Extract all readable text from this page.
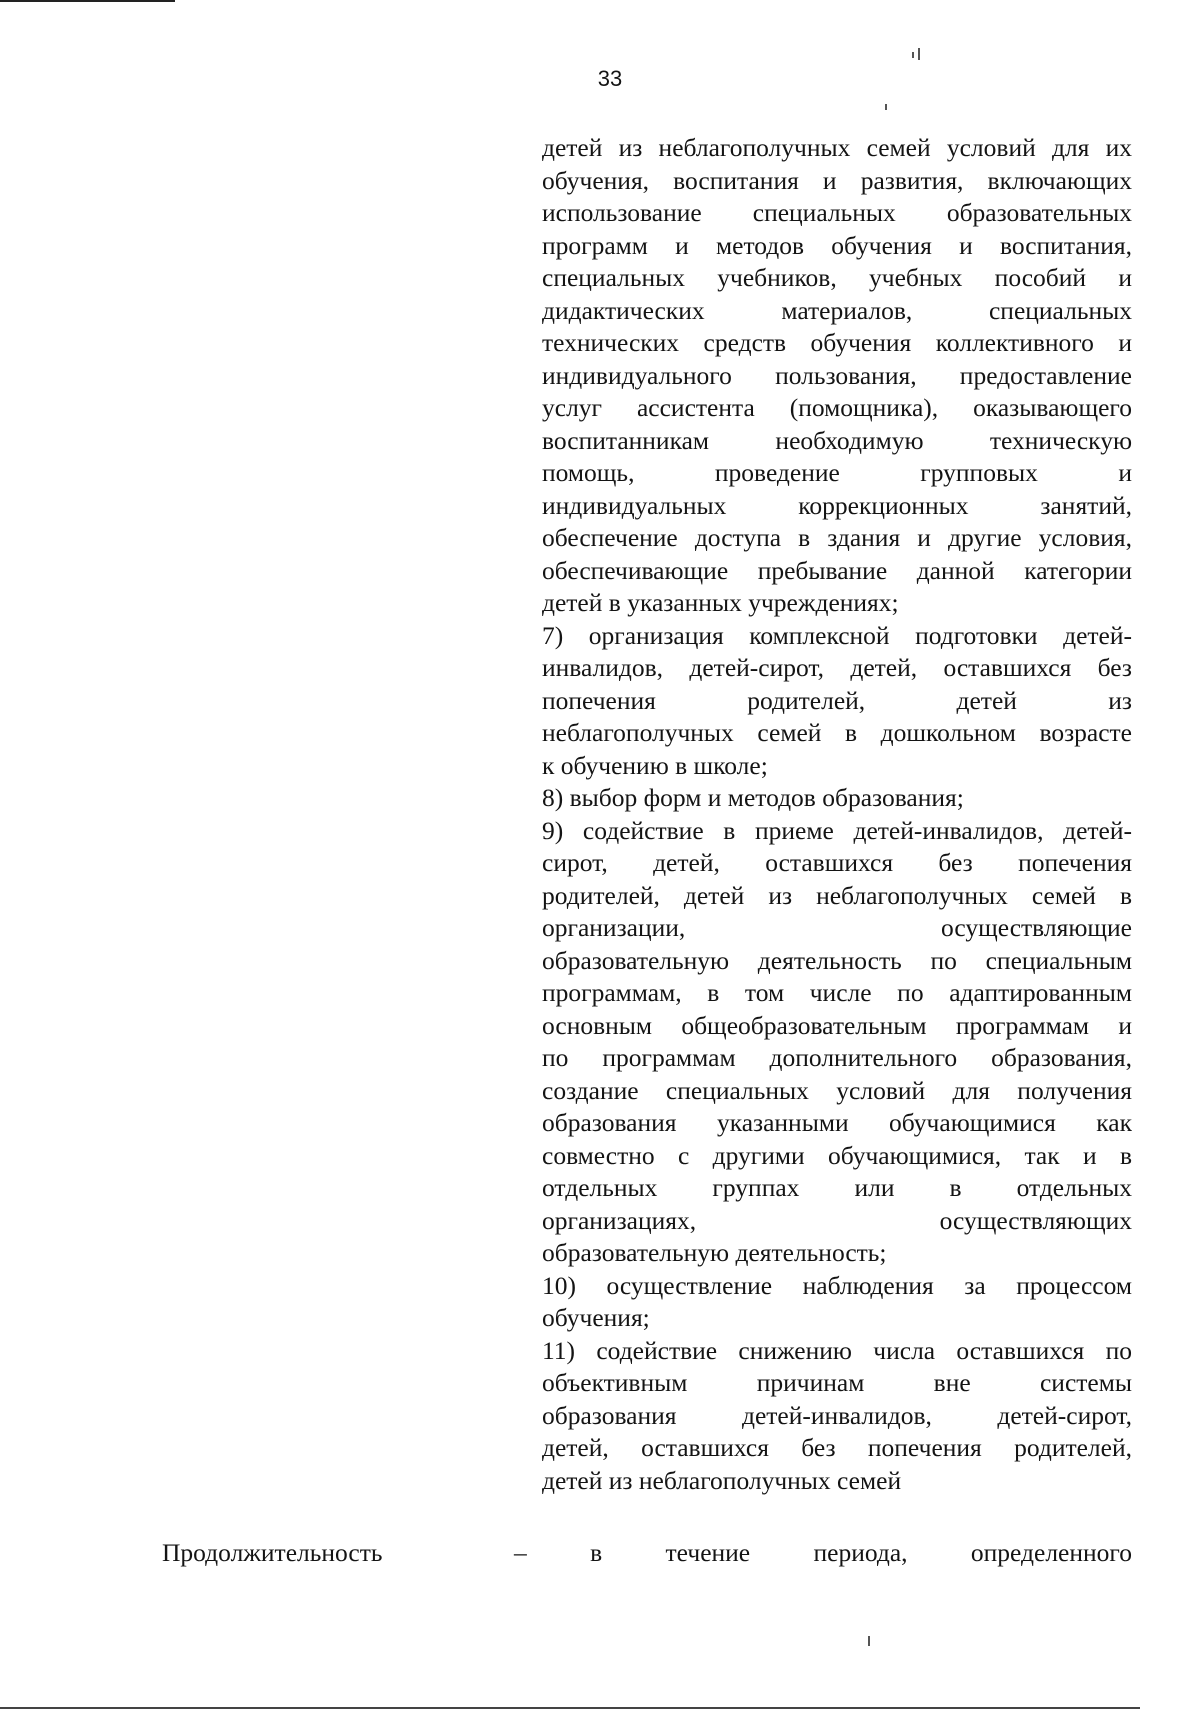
33
детей из неблагополучных семей условий для их
обучения, воспитания и развития, включающих
использование специальных образовательных
программ и методов обучения и воспитания,
специальных учебников, учебных пособий и
дидактических материалов, специальных
технических средств обучения коллективного и
индивидуального пользования, предоставление
услуг ассистента (помощника), оказывающего
воспитанникам необходимую техническую
помощь, проведение групповых и
индивидуальных коррекционных занятий,
обеспечение доступа в здания и другие условия,
обеспечивающие пребывание данной категории
детей в указанных учреждениях;
7) организация комплексной подготовки детей-
инвалидов, детей-сирот, детей, оставшихся без
попечения родителей, детей из
неблагополучных семей в дошкольном возрасте
к обучению в школе;
8) выбор форм и методов образования;
9) содействие в приеме детей-инвалидов, детей-
сирот, детей, оставшихся без попечения
родителей, детей из неблагополучных семей в
организации, осуществляющие
образовательную деятельность по специальным
программам, в том числе по адаптированным
основным общеобразовательным программам и
по программам дополнительного образования,
создание специальных условий для получения
образования указанными обучающимися как
совместно с другими обучающимися, так и в
отдельных группах или в отдельных
организациях, осуществляющих
образовательную деятельность;
10) осуществление наблюдения за процессом
обучения;
11) содействие снижению числа оставшихся по
объективным причинам вне системы
образования детей-инвалидов, детей-сирот,
детей, оставшихся без попечения родителей,
детей из неблагополучных семей
Продолжительность	– в течение периода, определенного
